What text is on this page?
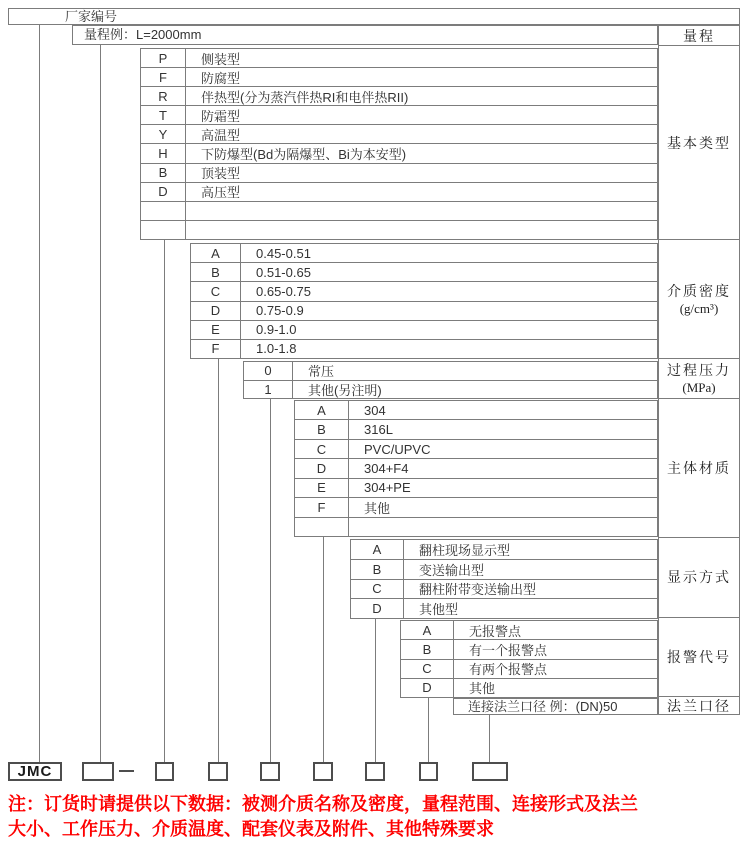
厂家编号
量程例：L=2000mm	量程
基本类型
介质密度
(g/cm³)
过程压力
(MPa)
主体材质
显示方式
报警代号
法兰口径
P	侧装型
F	防腐型
R	伴热型(分为蒸汽伴热RI和电伴热RII)
T	防霜型
Y	高温型
H	下防爆型(Bd为隔爆型、Bi为本安型)
B	顶装型
D	高压型
A	0.45-0.51
B	0.51-0.65
C	0.65-0.75
D	0.75-0.9
E	0.9-1.0
F	1.0-1.8
0	常压
1	其他(另注明)
A	304
B	316L
C	PVC/UPVC
D	304+F4
E	304+PE
F	其他
A	翻柱现场显示型
B	变送输出型
C	翻柱附带变送输出型
D	其他型
A	无报警点
B	有一个报警点
C	有两个报警点
D	其他
连接法兰口径 例：(DN)50
JMC
注：订货时请提供以下数据：被测介质名称及密度，量程范围、连接形式及法兰
大小、工作压力、介质温度、配套仪表及附件、其他特殊要求
